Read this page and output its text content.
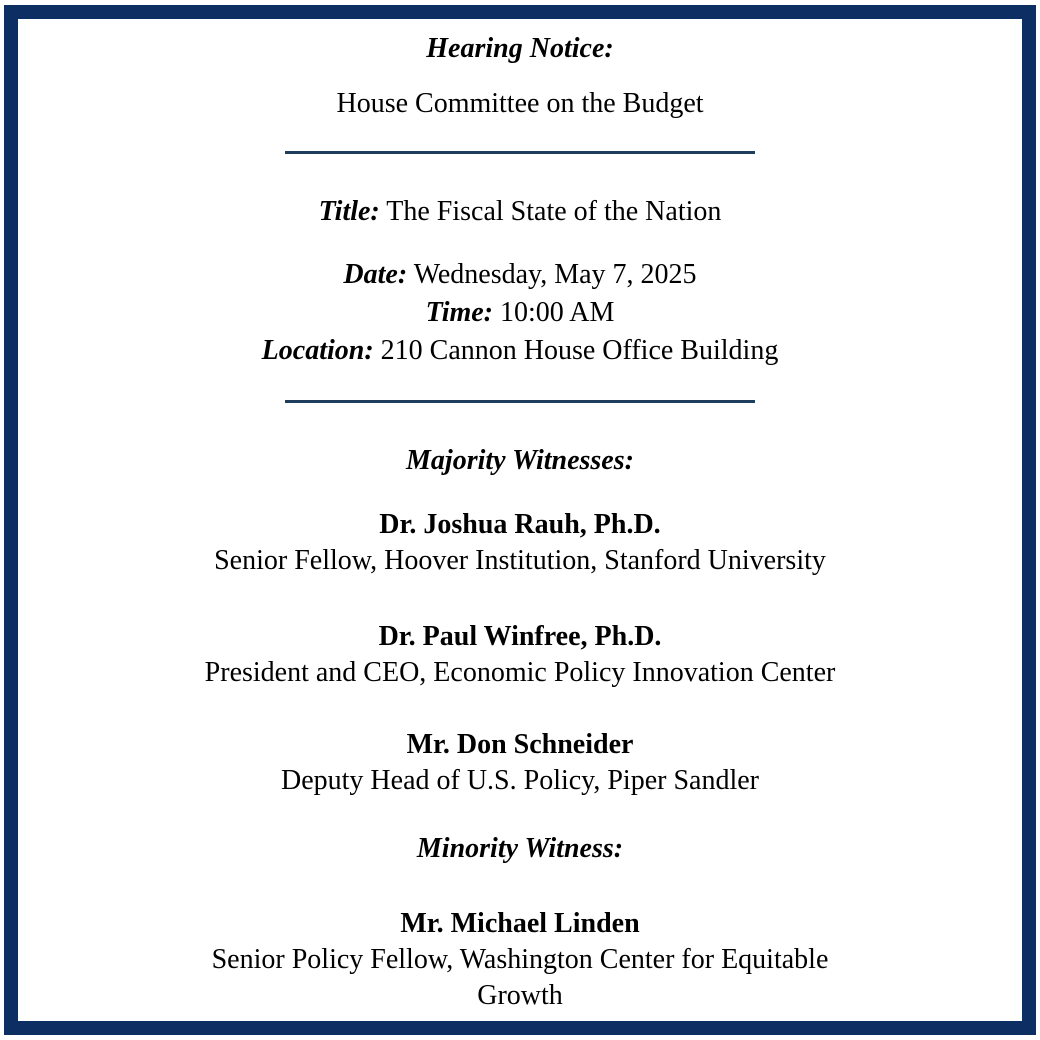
Hearing Notice:
House Committee on the Budget
Title: The Fiscal State of the Nation
Date: Wednesday, May 7, 2025
Time: 10:00 AM
Location: 210 Cannon House Office Building
Majority Witnesses:
Dr. Joshua Rauh, Ph.D.
Senior Fellow, Hoover Institution, Stanford University
Dr. Paul Winfree, Ph.D.
President and CEO, Economic Policy Innovation Center
Mr. Don Schneider
Deputy Head of U.S. Policy, Piper Sandler
Minority Witness:
Mr. Michael Linden
Senior Policy Fellow, Washington Center for Equitable Growth
